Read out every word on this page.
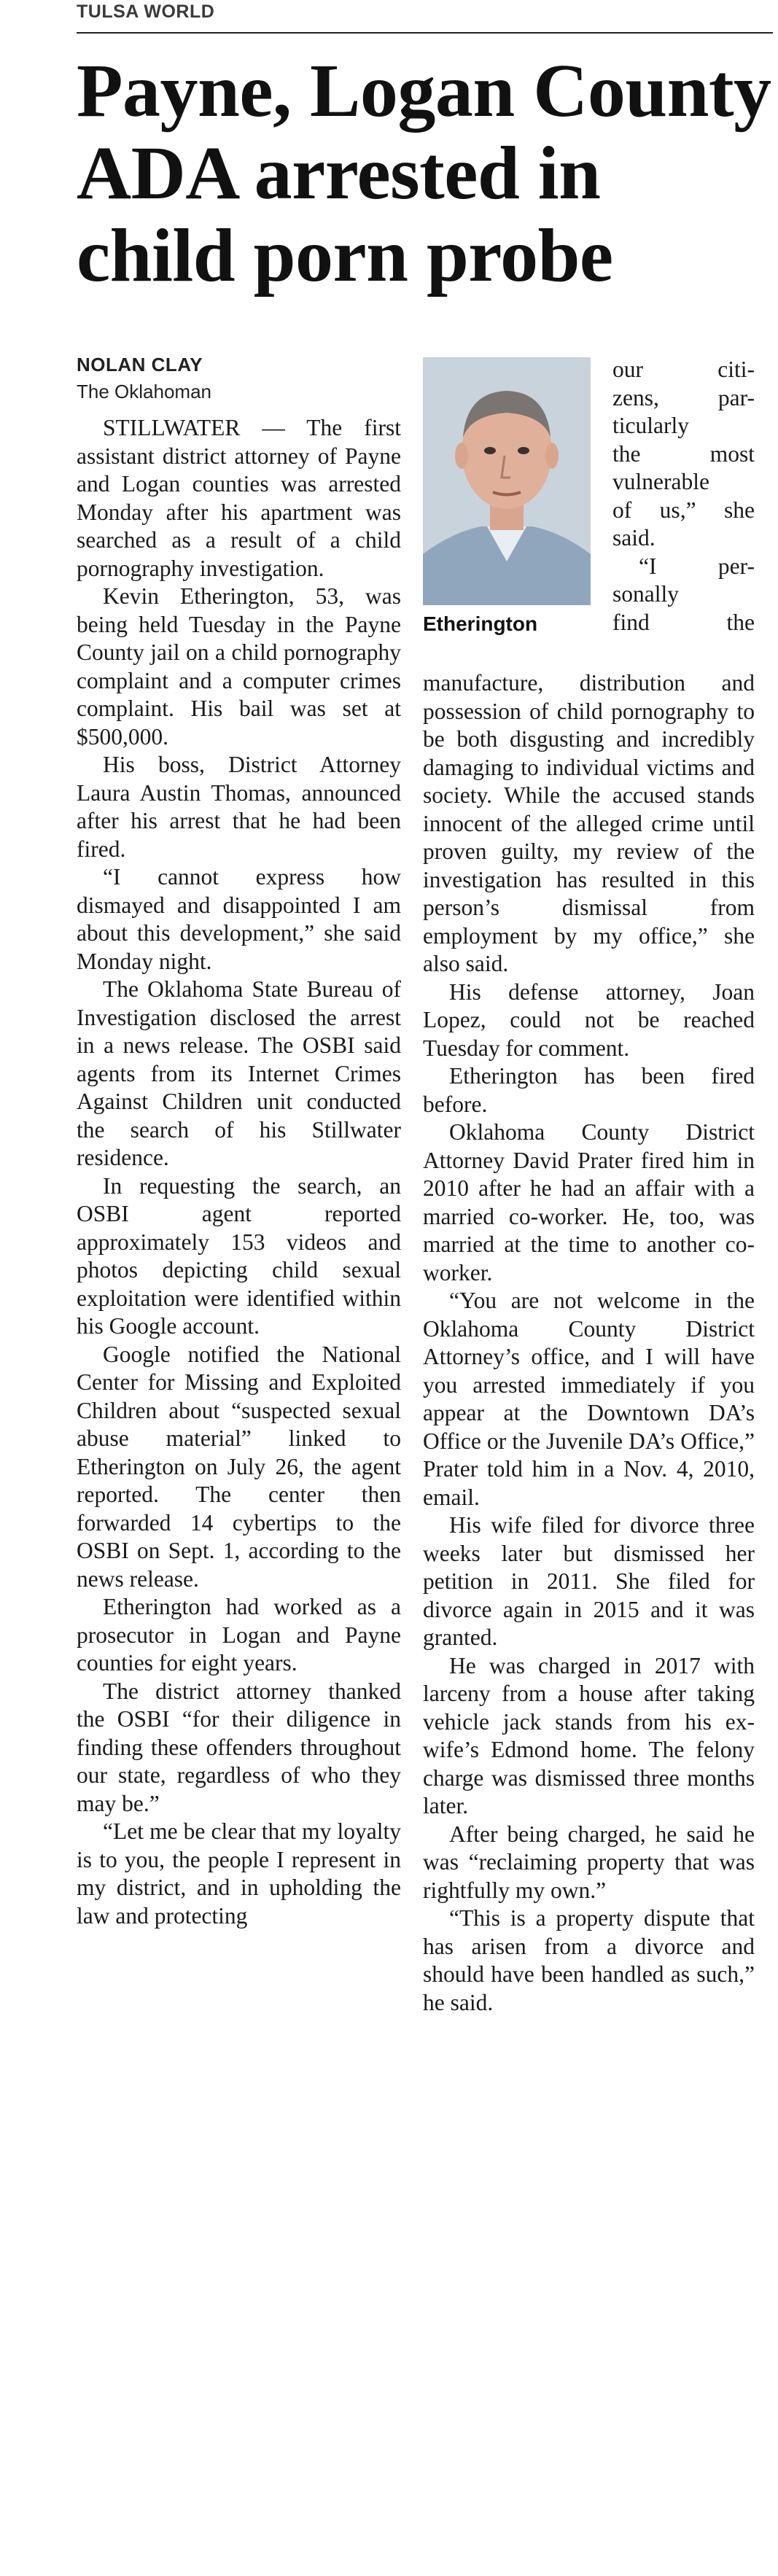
TULSA WORLD
Payne, Logan County
ADA arrested in
child porn probe
NOLAN CLAY
The Oklahoman

STILLWATER — The first assistant district attorney of Payne and Logan counties was arrested Monday after his apartment was searched as a result of a child pornography investigation.

Kevin Etherington, 53, was being held Tuesday in the Payne County jail on a child pornography complaint and a computer crimes complaint. His bail was set at $500,000.

His boss, District Attorney Laura Austin Thomas, announced after his arrest that he had been fired.

“I cannot express how dismayed and disappointed I am about this development,” she said Monday night.

The Oklahoma State Bureau of Investigation disclosed the arrest in a news release. The OSBI said agents from its Internet Crimes Against Children unit conducted the search of his Stillwater residence.

In requesting the search, an OSBI agent reported approximately 153 videos and photos depicting child sexual exploitation were identified within his Google account.

Google notified the National Center for Missing and Exploited Children about “suspected sexual abuse material” linked to Etherington on July 26, the agent reported. The center then forwarded 14 cybertips to the OSBI on Sept. 1, according to the news release.

Etherington had worked as a prosecutor in Logan and Payne counties for eight years.

The district attorney thanked the OSBI “for their diligence in finding these offenders throughout our state, regardless of who they may be.”

“Let me be clear that my loyalty is to you, the people I represent in my district, and in upholding the law and protecting

Etherington
our citi-
zens, par-
ticularly
the most
vulnerable
of us,” she
said.
“I per-
sonally
find the

manufacture, distribution and possession of child pornography to be both disgusting and incredibly damaging to individual victims and society. While the accused stands innocent of the alleged crime until proven guilty, my review of the investigation has resulted in this person’s dismissal from employment by my office,” she also said.

His defense attorney, Joan Lopez, could not be reached Tuesday for comment.

Etherington has been fired before.

Oklahoma County District Attorney David Prater fired him in 2010 after he had an affair with a married co-worker. He, too, was married at the time to another co-worker.

“You are not welcome in the Oklahoma County District Attorney’s office, and I will have you arrested immediately if you appear at the Downtown DA’s Office or the Juvenile DA’s Office,” Prater told him in a Nov. 4, 2010, email.

His wife filed for divorce three weeks later but dismissed her petition in 2011. She filed for divorce again in 2015 and it was granted.

He was charged in 2017 with larceny from a house after taking vehicle jack stands from his ex-wife’s Edmond home. The felony charge was dismissed three months later.

After being charged, he said he was “reclaiming property that was rightfully my own.”

“This is a property dispute that has arisen from a divorce and should have been handled as such,” he said.
